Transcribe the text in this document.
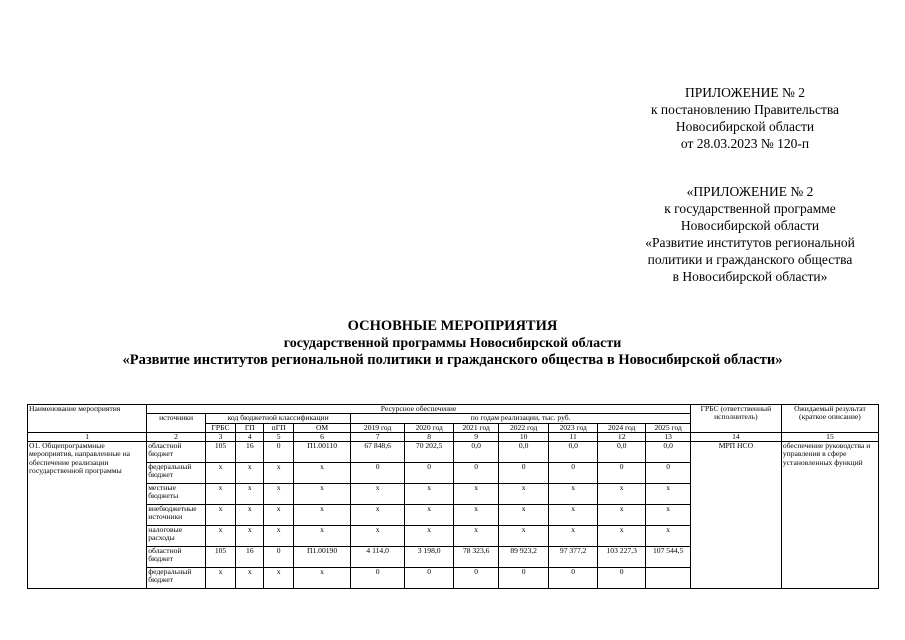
ПРИЛОЖЕНИЕ № 2
к постановлению Правительства
Новосибирской области
от 28.03.2023 № 120-п
«ПРИЛОЖЕНИЕ № 2
к государственной программе
Новосибирской области
«Развитие институтов региональной
политики и гражданского общества
в Новосибирской области»
ОСНОВНЫЕ МЕРОПРИЯТИЯ
государственной программы Новосибирской области
«Развитие институтов региональной политики и гражданского общества в Новосибирской области»
Наименование мероприятия	Ресурсное обеспечение												ГРБС (ответственный исполнитель)	Ожидаемый результат (краткое описание)
	источники	код бюджетной классификации				по годам реализации, тыс. руб.								
		ГРБС	ГП	пГП	ОМ	2019 год	2020 год	2021 год	2022 год	2023 год	2024 год	2025 год		

1	2	3	4	5	6	7	8	9	10	11	12	13	14	15
О1. Общепрограммные мероприятия, направленные на обеспечение реализации государственной программы	областной бюджет	105	16	0	П1.00110	67 848,6	70 202,5	0,0	0,0	0,0	0,0	0,0	МРП НСО	обеспечение руководства и управления в сфере установленных функций
	федеральный бюджет	х	х	х	х	0	0	0	0	0	0	0		
	местные бюджеты	х	х	х	х	х	х	х	х	х	х	х		
	внебюджетные источники	х	х	х	х	х	х	х	х	х	х	х		
	налоговые расходы	х	х	х	х	х	х	х	х	х	х	х		
	областной бюджет	105	16	0	П1.00190	4 114,0	3 198,0	78 323,6	89 923,2	97 377,2	103 227,3	107 544,5		
	федеральный бюджет	х	х	х	х	0	0	0	0	0	0			
